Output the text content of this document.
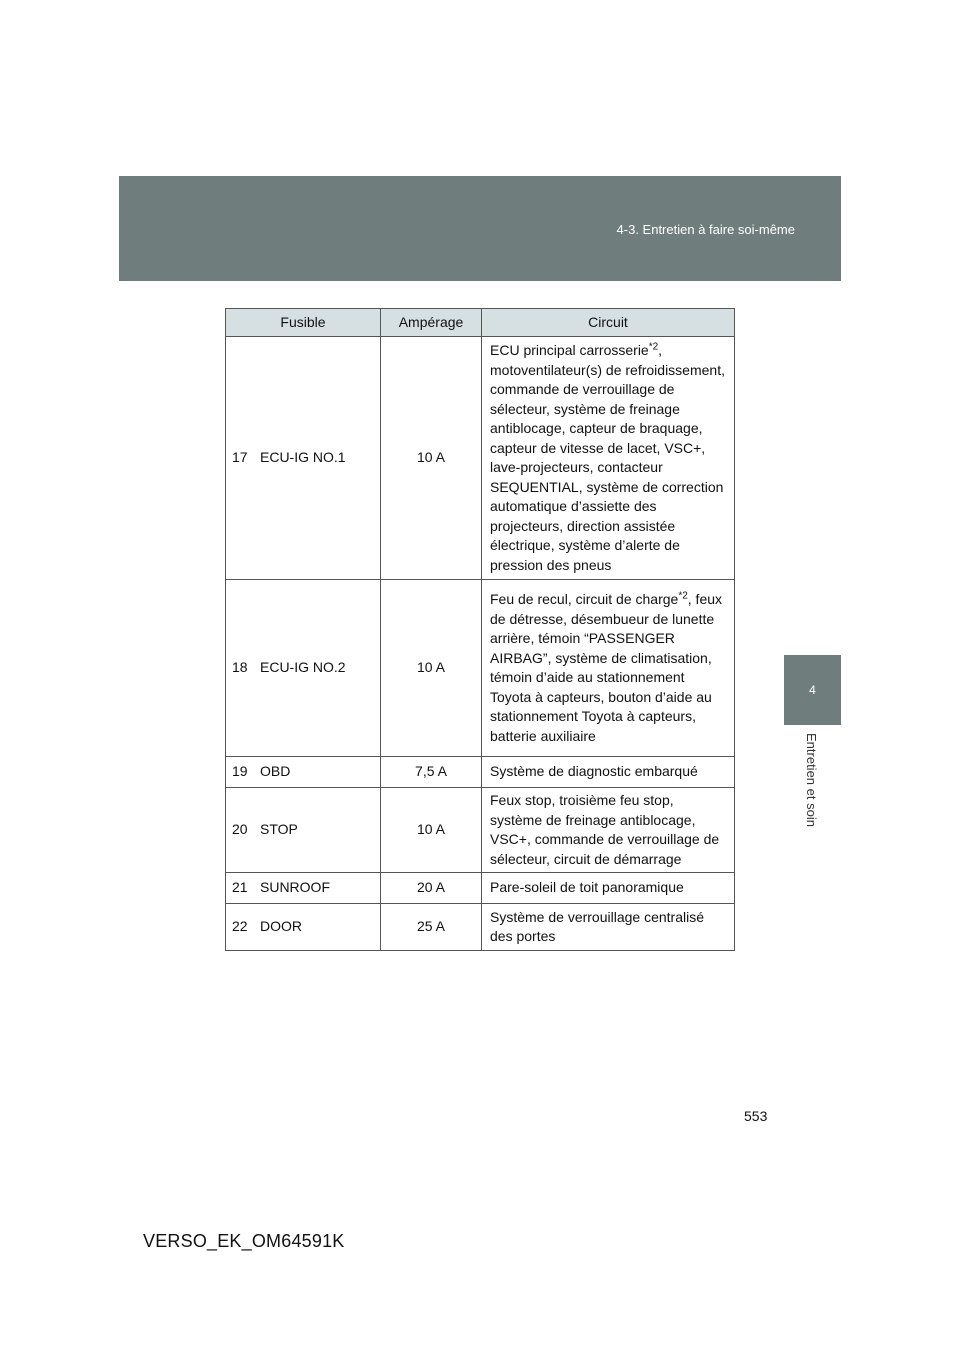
4-3. Entretien à faire soi-même
4
Entretien et soin
Fusible		Ampérage	Circuit
17	ECU-IG NO.1	10 A	ECU principal carrosserie$^{*2}$, motoventilateur(s) de refroidissement, commande de verrouillage de sélecteur, système de freinage antiblocage, capteur de braquage, capteur de vitesse de lacet, VSC+, lave-projecteurs, contacteur SEQUENTIAL, système de correction automatique d’assiette des projecteurs, direction assistée électrique, système d’alerte de pression des pneus
18	ECU-IG NO.2	10 A	Feu de recul, circuit de charge$^{*2}$, feux de détresse, désembueur de lunette arrière, témoin “PASSENGER AIRBAG”, système de climatisation, témoin d’aide au stationnement Toyota à capteurs, bouton d’aide au stationnement Toyota à capteurs, batterie auxiliaire
19	OBD	7,5 A	Système de diagnostic embarqué
20	STOP	10 A	Feux stop, troisième feu stop, système de freinage antiblocage, VSC+, commande de verrouillage de sélecteur, circuit de démarrage
21	SUNROOF	20 A	Pare-soleil de toit panoramique
22	DOOR	25 A	Système de verrouillage centralisé des portes
553
VERSO_EK_OM64591K
